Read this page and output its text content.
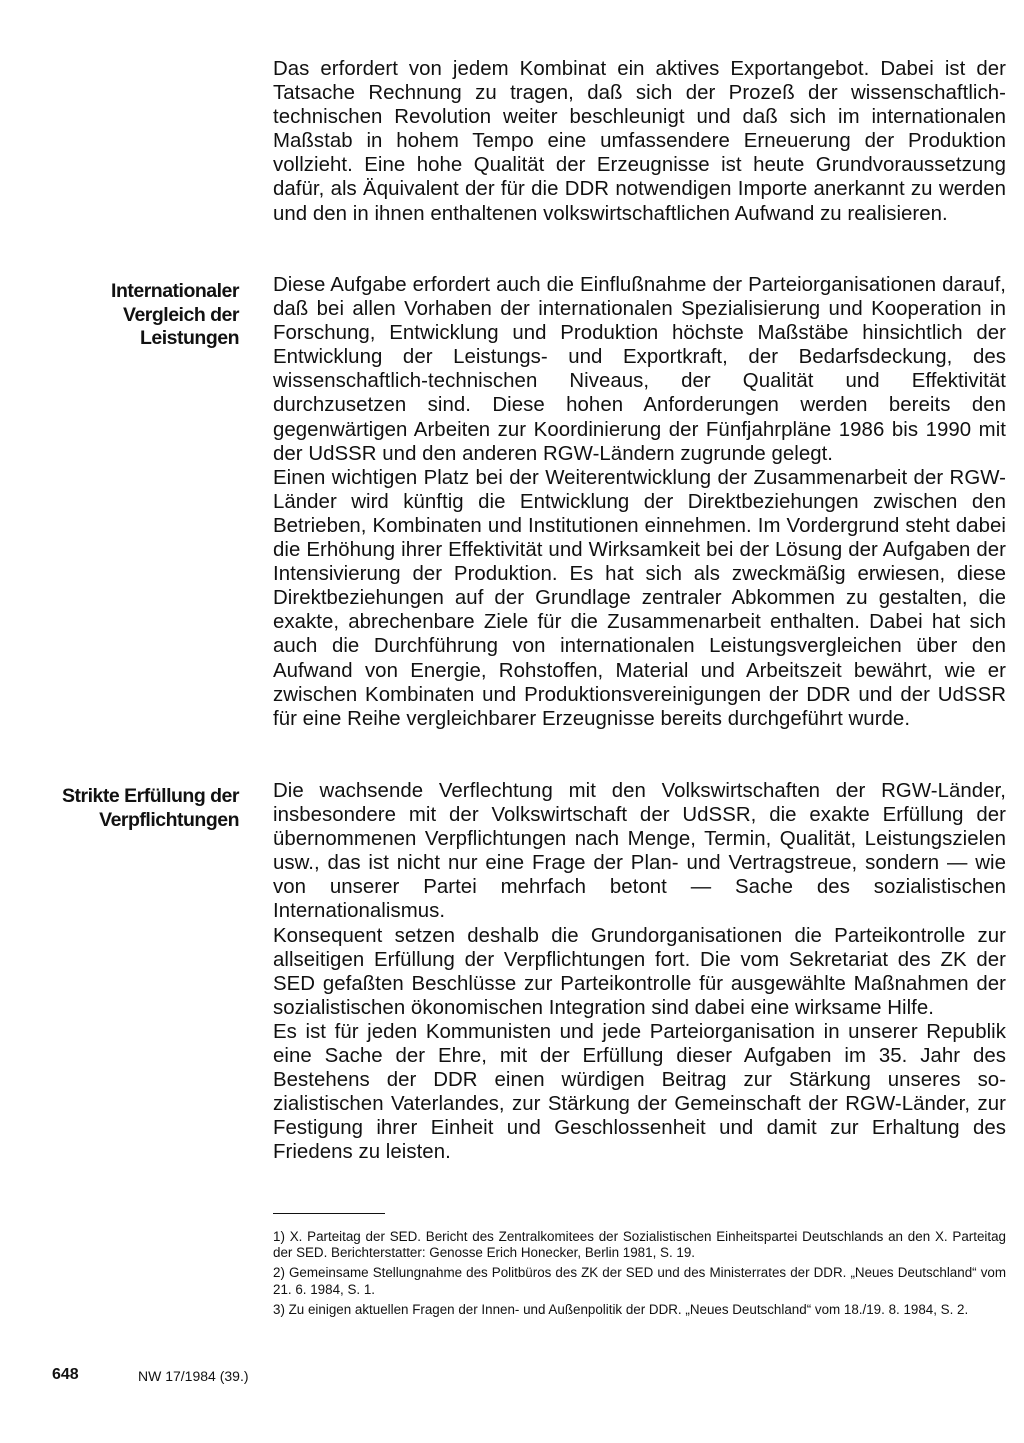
Das erfordert von jedem Kombinat ein aktives Exportangebot. Dabei ist der Tatsache Rechnung zu tragen, daß sich der Prozeß der wissenschaftlich-technischen Revolution weiter beschleunigt und daß sich im internationalen Maßstab in hohem Tempo eine umfassendere Erneuerung der Produktion vollzieht. Eine hohe Qualität der Erzeugnisse ist heute Grundvoraussetzung dafür, als Äquivalent der für die DDR notwendigen Importe anerkannt zu werden und den in ihnen enthaltenen volkswirtschaftlichen Aufwand zu realisieren.

Internationaler Vergleich der Leistungen

Diese Aufgabe erfordert auch die Einflußnahme der Parteiorganisationen darauf, daß bei allen Vorhaben der internationalen Spezialisierung und Kooperation in Forschung, Entwicklung und Produktion höchste Maßstäbe hinsichtlich der Entwicklung der Leistungs- und Exportkraft, der Bedarfsdeckung, des wissenschaftlich-technischen Niveaus, der Qualität und Effektivität durchzusetzen sind. Diese hohen Anforderungen werden bereits den gegenwärtigen Arbeiten zur Koordinierung der Fünfjahrpläne 1986 bis 1990 mit der UdSSR und den anderen RGW-Ländern zugrunde gelegt.

Einen wichtigen Platz bei der Weiterentwicklung der Zusammenarbeit der RGW-Länder wird künftig die Entwicklung der Direktbeziehungen zwischen den Betrieben, Kombinaten und Institutionen einnehmen. Im Vordergrund steht dabei die Erhöhung ihrer Effektivität und Wirksamkeit bei der Lösung der Aufgaben der Intensivierung der Produktion. Es hat sich als zweckmäßig erwiesen, diese Direktbeziehungen auf der Grundlage zentraler Abkommen zu gestalten, die exakte, abrechenbare Ziele für die Zusammenarbeit enthalten. Dabei hat sich auch die Durchführung von internationalen Leistungsvergleichen über den Aufwand von Energie, Rohstoffen, Material und Arbeitszeit bewährt, wie er zwischen Kombinaten und Produktionsvereinigungen der DDR und der UdSSR für eine Reihe vergleichbarer Erzeugnisse bereits durchgeführt wurde.

Strikte Erfüllung der Verpflichtungen

Die wachsende Verflechtung mit den Volkswirtschaften der RGW-Länder, insbesondere mit der Volkswirtschaft der UdSSR, die exakte Erfüllung der übernommenen Verpflichtungen nach Menge, Termin, Qualität, Leistungszielen usw., das ist nicht nur eine Frage der Plan- und Vertragstreue, sondern — wie von unserer Partei mehrfach betont — Sache des sozialistischen Internationalismus.

Konsequent setzen deshalb die Grundorganisationen die Parteikontrolle zur allseitigen Erfüllung der Verpflichtungen fort. Die vom Sekretariat des ZK der SED gefaßten Beschlüsse zur Parteikontrolle für ausgewählte Maßnahmen der sozialistischen ökonomischen Integration sind dabei eine wirksame Hilfe.

Es ist für jeden Kommunisten und jede Parteiorganisation in unserer Republik eine Sache der Ehre, mit der Erfüllung dieser Aufgaben im 35. Jahr des Bestehens der DDR einen würdigen Beitrag zur Stärkung unseres sozialistischen Vaterlandes, zur Stärkung der Gemeinschaft der RGW-Länder, zur Festigung ihrer Einheit und Geschlossenheit und damit zur Erhaltung des Friedens zu leisten.

1) X. Parteitag der SED. Bericht des Zentralkomitees der Sozialistischen Einheitspartei Deutschlands an den X. Parteitag der SED. Berichterstatter: Genosse Erich Honecker, Berlin 1981, S. 19.

2) Gemeinsame Stellungnahme des Politbüros des ZK der SED und des Ministerrates der DDR. „Neues Deutschland“ vom 21. 6. 1984, S. 1.

3) Zu einigen aktuellen Fragen der Innen- und Außenpolitik der DDR. „Neues Deutschland“ vom 18./19. 8. 1984, S. 2.

648	NW 17/1984 (39.)
